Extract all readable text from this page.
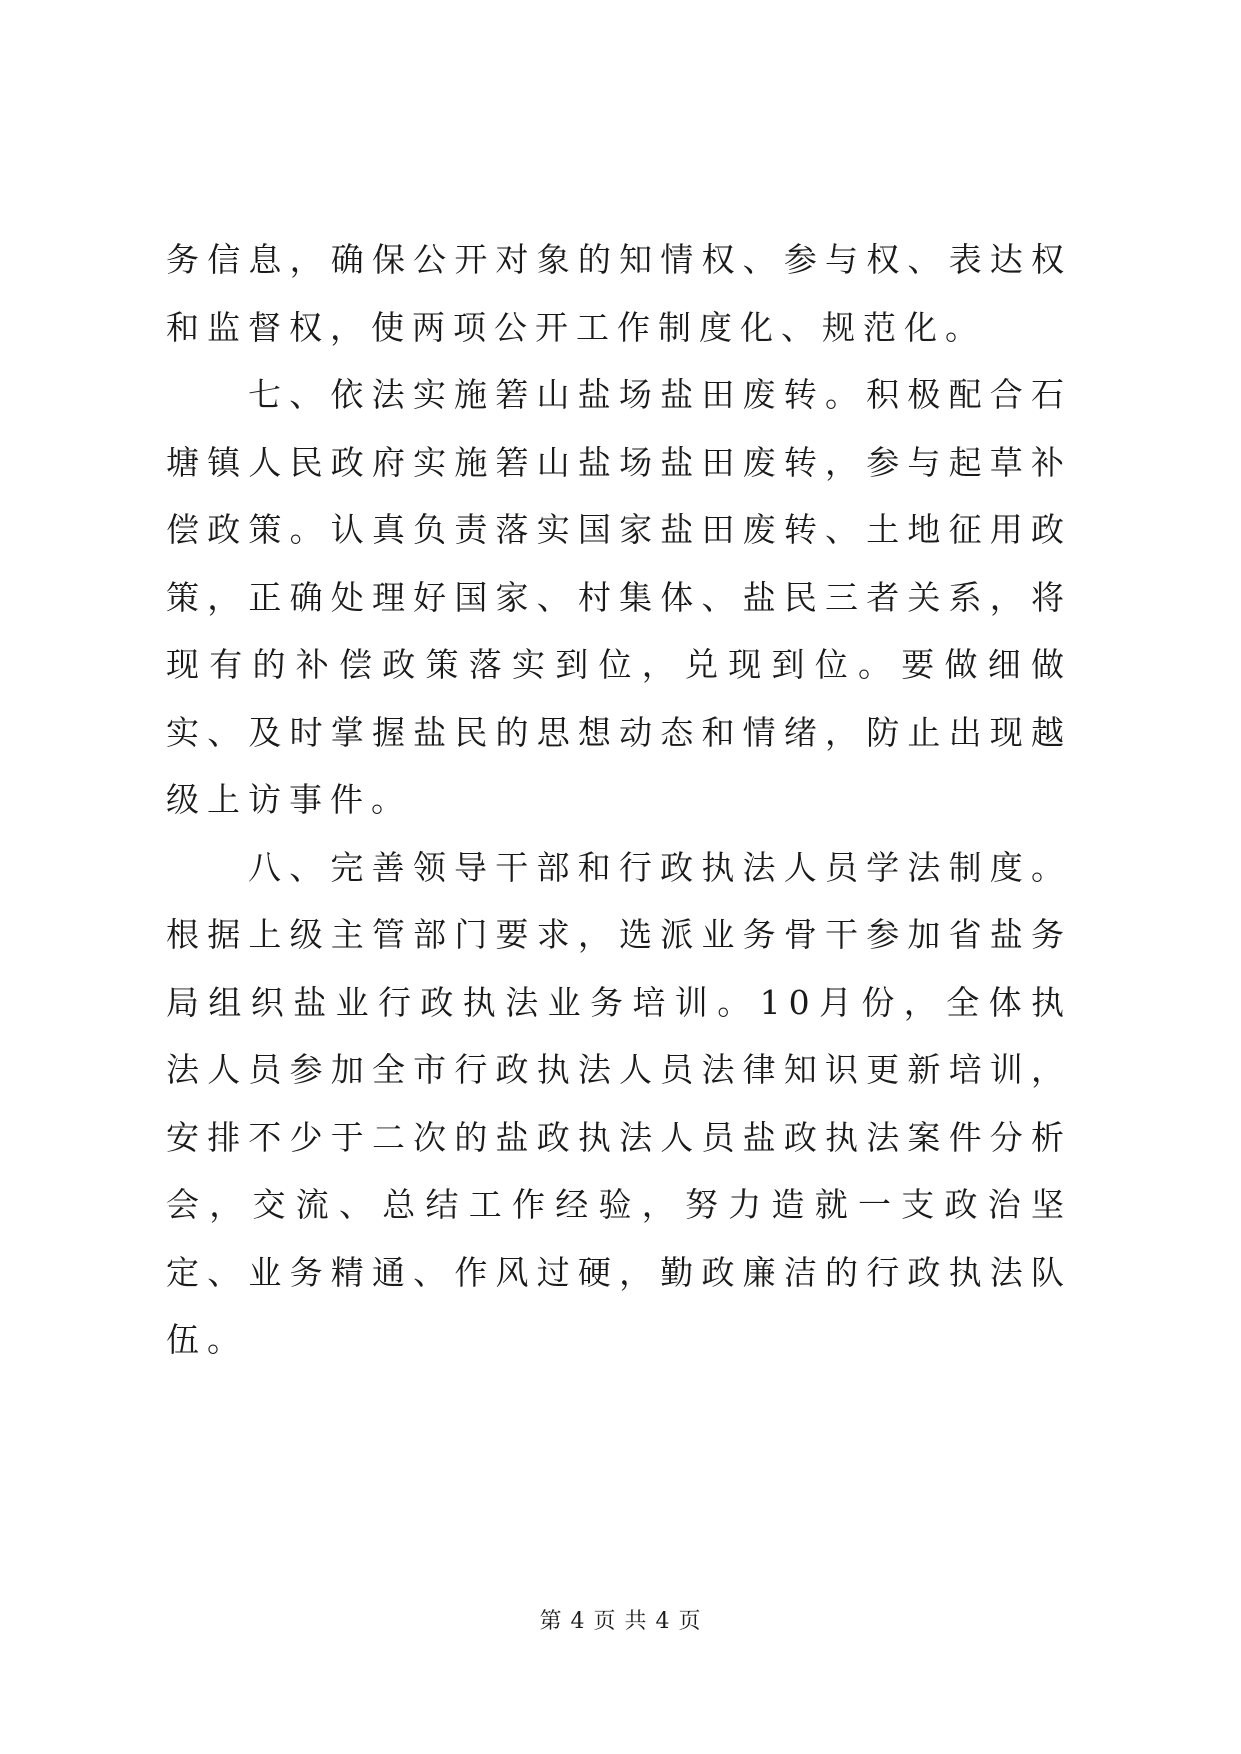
务信息，确保公开对象的知情权、参与权、表达权和监督权，使两项公开工作制度化、规范化。

七、依法实施箬山盐场盐田废转。积极配合石塘镇人民政府实施箬山盐场盐田废转，参与起草补偿政策。认真负责落实国家盐田废转、土地征用政策，正确处理好国家、村集体、盐民三者关系，将现有的补偿政策落实到位，兑现到位。要做细做实、及时掌握盐民的思想动态和情绪，防止出现越级上访事件。

八、完善领导干部和行政执法人员学法制度。根据上级主管部门要求，选派业务骨干参加省盐务局组织盐业行政执法业务培训。10月份，全体执法人员参加全市行政执法人员法律知识更新培训，安排不少于二次的盐政执法人员盐政执法案件分析会，交流、总结工作经验，努力造就一支政治坚定、业务精通、作风过硬，勤政廉洁的行政执法队伍。

第 4 页 共 4 页
